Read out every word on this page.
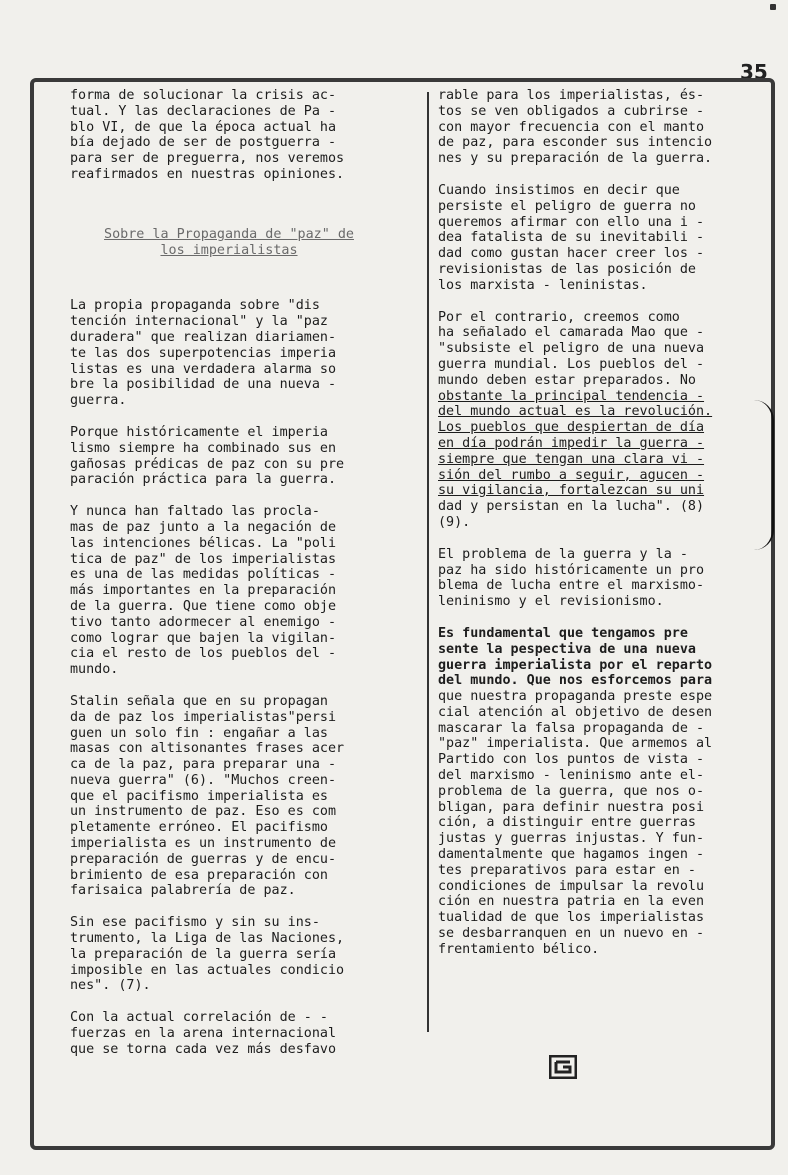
35
forma de solucionar la crisis ac-
tual. Y las declaraciones de Pa -
blo VI, de que la época actual ha
bía dejado de ser de postguerra -
para ser de preguerra, nos veremos
reafirmados en nuestras opiniones.
Sobre la Propaganda de "paz" de
los imperialistas
La propia propaganda sobre "dis
tención internacional" y la "paz
duradera" que realizan diariamen-
te las dos superpotencias imperia
listas es una verdadera alarma so
bre la posibilidad de una nueva -
guerra.
Porque históricamente el imperia
lismo siempre ha combinado sus en
gañosas prédicas de paz con su pre
paración práctica para la guerra.
Y nunca han faltado las procla-
mas de paz junto a la negación de
las intenciones bélicas. La "poli
tica de paz" de los imperialistas
es una de las medidas políticas -
más importantes en la preparación
de la guerra. Que tiene como obje
tivo tanto adormecer al enemigo -
como lograr que bajen la vigilan-
cia el resto de los pueblos del -
mundo.
Stalin señala que en su propagan
da de paz los imperialistas"persi
guen un solo fin : engañar a las
masas con altisonantes frases acer
ca de la paz, para preparar una -
nueva guerra" (6). "Muchos creen-
que el pacifismo imperialista es
un instrumento de paz. Eso es com
pletamente erróneo. El pacifismo
imperialista es un instrumento de
preparación de guerras y de encu-
brimiento de esa preparación con
farisaica palabrería de paz.
Sin ese pacifismo y sin su ins-
trumento, la Liga de las Naciones,
la preparación de la guerra sería
imposible en las actuales condicio
nes". (7).
Con la actual correlación de - -
fuerzas en la arena internacional
que se torna cada vez más desfavo
rable para los imperialistas, és-
tos se ven obligados a cubrirse -
con mayor frecuencia con el manto
de paz, para esconder sus intencio
nes y su preparación de la guerra.
Cuando insistimos en decir que
persiste el peligro de guerra no
queremos afirmar con ello una i -
dea fatalista de su inevitabili -
dad como gustan hacer creer los -
revisionistas de las posición de
los marxista - leninistas.
Por el contrario, creemos como
ha señalado el camarada Mao que -
"subsiste el peligro de una nueva
guerra mundial. Los pueblos del -
mundo deben estar preparados. No
obstante la principal tendencia -
del mundo actual es la revolución.
Los pueblos que despiertan de día
en día podrán impedir la guerra -
siempre que tengan una clara vi -
sión del rumbo a seguir, agucen -
su vigilancia, fortalezcan su uni
dad y persistan en la lucha". (8)
(9).
El problema de la guerra y la -
paz ha sido históricamente un pro
blema de lucha entre el marxismo-
leninismo y el revisionismo.
Es fundamental que tengamos pre
sente la pespectiva de una nueva
guerra imperialista por el reparto
del mundo. Que nos esforcemos para
que nuestra propaganda preste espe
cial atención al objetivo de desen
mascarar la falsa propaganda de -
"paz" imperialista. Que armemos al
Partido con los puntos de vista -
del marxismo - leninismo ante el-
problema de la guerra, que nos o-
bligan, para definir nuestra posi
ción, a distinguir entre guerras
justas y guerras injustas. Y fun-
damentalmente que hagamos ingen -
tes preparativos para estar en -
condiciones de impulsar la revolu
ción en nuestra patria en la even
tualidad de que los imperialistas
se desbarranquen en un nuevo en -
frentamiento bélico.
